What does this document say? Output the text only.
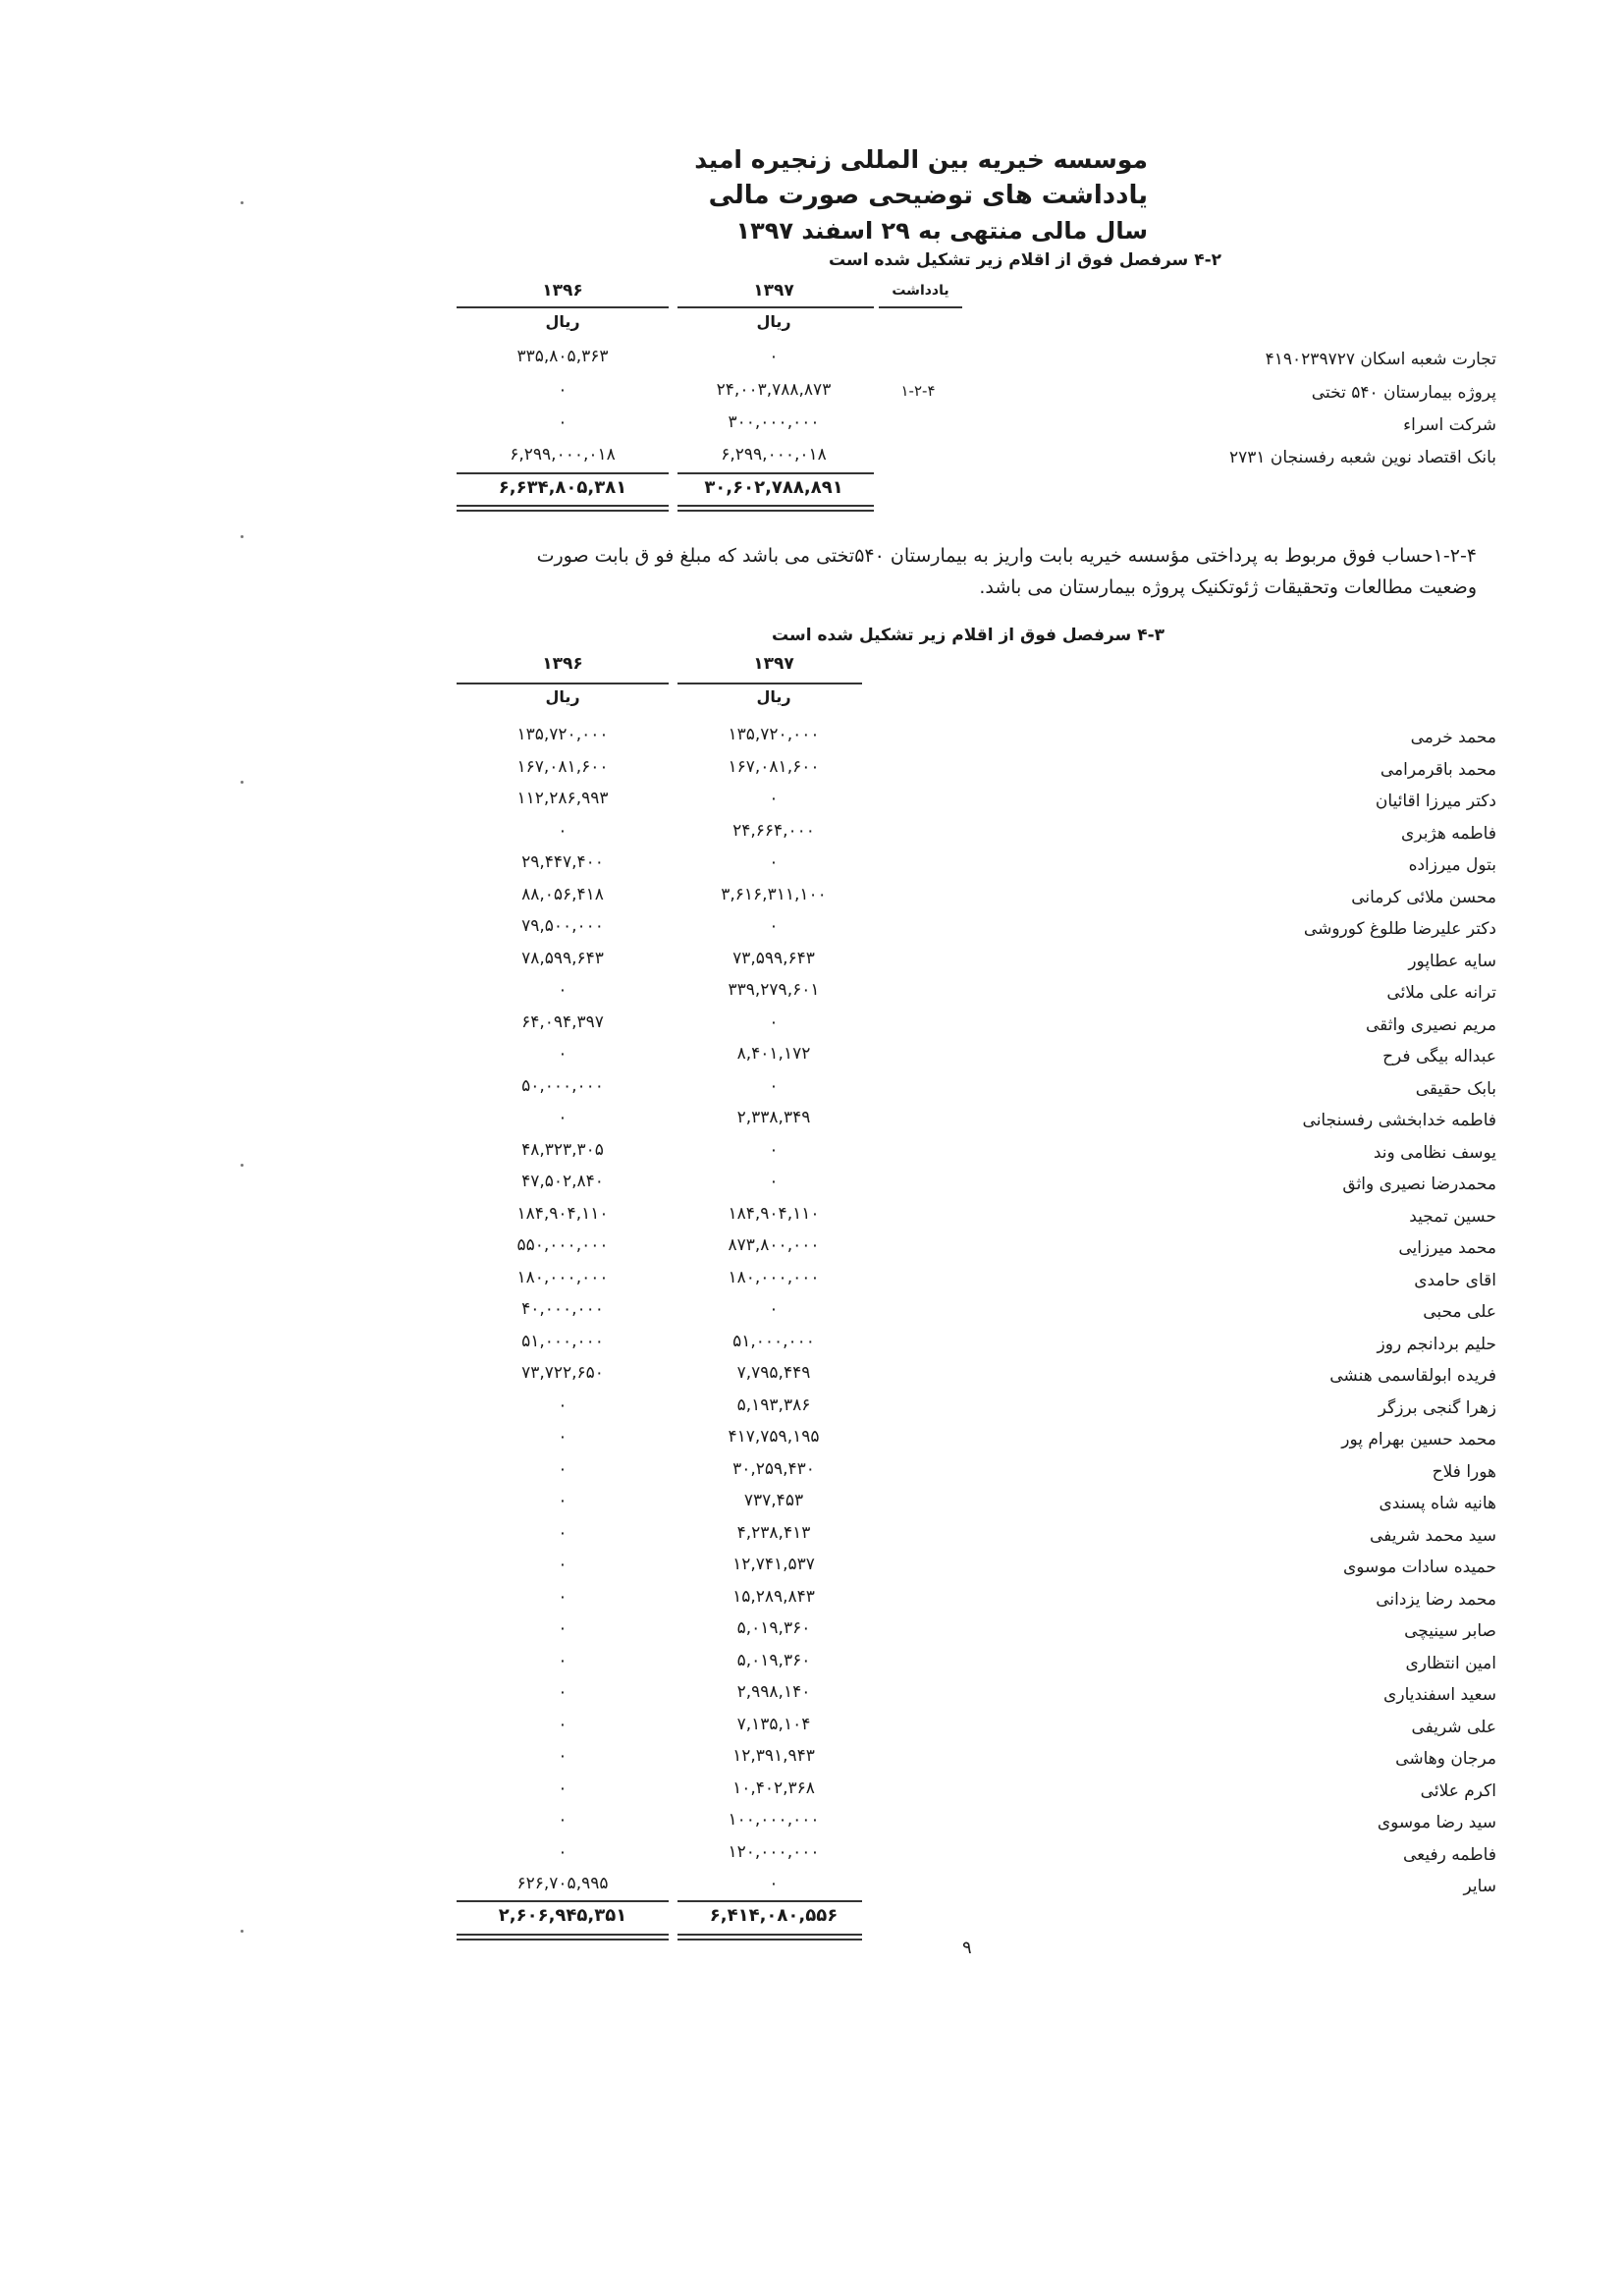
موسسه خیریه بین المللی زنجیره امید
یادداشت های توضیحی صورت مالی
سال مالی منتهی به ۲۹ اسفند ۱۳۹۷
۴-۲ سرفصل فوق از اقلام زیر تشکیل شده است
یادداشت
۱۳۹۷
۱۳۹۶
ریال
ریال
تجارت شعبه اسکان ۴۱۹۰۲۳۹۷۲۷
۰
۳۳۵,۸۰۵,۳۶۳
پروژه بیمارستان ۵۴۰ تختی
۱-۲-۴
۲۴,۰۰۳,۷۸۸,۸۷۳
۰
شرکت اسراء
۳۰۰,۰۰۰,۰۰۰
۰
بانک اقتصاد نوین شعبه رفسنجان ۲۷۳۱
۶,۲۹۹,۰۰۰,۰۱۸
۶,۲۹۹,۰۰۰,۰۱۸
۳۰,۶۰۲,۷۸۸,۸۹۱
۶,۶۳۴,۸۰۵,۳۸۱
۱-۲-۴حساب فوق مربوط به پرداختی مؤسسه خیریه بابت واریز به بیمارستان ۵۴۰تختی می باشد که مبلغ فو ق بابت صورت
وضعیت مطالعات وتحقیقات ژئوتکنیک پروژه بیمارستان می باشد.
۴-۳ سرفصل فوق از اقلام زیر تشکیل شده است
۱۳۹۷
۱۳۹۶
ریال
ریال
محمد خرمی
۱۳۵,۷۲۰,۰۰۰
۱۳۵,۷۲۰,۰۰۰
محمد باقرمرامی
۱۶۷,۰۸۱,۶۰۰
۱۶۷,۰۸۱,۶۰۰
دکتر میرزا اقائیان
۰
۱۱۲,۲۸۶,۹۹۳
فاطمه هژبری
۲۴,۶۶۴,۰۰۰
۰
بتول میرزاده
۰
۲۹,۴۴۷,۴۰۰
محسن ملائی کرمانی
۳,۶۱۶,۳۱۱,۱۰۰
۸۸,۰۵۶,۴۱۸
دکتر علیرضا طلوغ کوروشی
۰
۷۹,۵۰۰,۰۰۰
سایه عطاپور
۷۳,۵۹۹,۶۴۳
۷۸,۵۹۹,۶۴۳
ترانه علی ملائی
۳۳۹,۲۷۹,۶۰۱
۰
مریم نصیری واثقی
۰
۶۴,۰۹۴,۳۹۷
عبداله بیگی فرح
۸,۴۰۱,۱۷۲
۰
بابک حقیقی
۰
۵۰,۰۰۰,۰۰۰
فاطمه خدابخشی رفسنجانی
۲,۳۳۸,۳۴۹
۰
یوسف نظامی وند
۰
۴۸,۳۲۳,۳۰۵
محمدرضا نصیری واثق
۰
۴۷,۵۰۲,۸۴۰
حسین تمجید
۱۸۴,۹۰۴,۱۱۰
۱۸۴,۹۰۴,۱۱۰
محمد میرزایی
۸۷۳,۸۰۰,۰۰۰
۵۵۰,۰۰۰,۰۰۰
اقای حامدی
۱۸۰,۰۰۰,۰۰۰
۱۸۰,۰۰۰,۰۰۰
علی محبی
۰
۴۰,۰۰۰,۰۰۰
حلیم بردانجم روز
۵۱,۰۰۰,۰۰۰
۵۱,۰۰۰,۰۰۰
فریده ابولقاسمی هنشی
۷,۷۹۵,۴۴۹
۷۳,۷۲۲,۶۵۰
زهرا گنجی برزگر
۵,۱۹۳,۳۸۶
۰
محمد حسین بهرام پور
۴۱۷,۷۵۹,۱۹۵
۰
هورا فلاح
۳۰,۲۵۹,۴۳۰
۰
هانیه شاه پسندی
۷۳۷,۴۵۳
۰
سید محمد شریفی
۴,۲۳۸,۴۱۳
۰
حمیده سادات موسوی
۱۲,۷۴۱,۵۳۷
۰
محمد رضا یزدانی
۱۵,۲۸۹,۸۴۳
۰
صابر سینیچی
۵,۰۱۹,۳۶۰
۰
امین انتظاری
۵,۰۱۹,۳۶۰
۰
سعید اسفندیاری
۲,۹۹۸,۱۴۰
۰
علی شریفی
۷,۱۳۵,۱۰۴
۰
مرجان وهاشی
۱۲,۳۹۱,۹۴۳
۰
اکرم علائی
۱۰,۴۰۲,۳۶۸
۰
سید رضا موسوی
۱۰۰,۰۰۰,۰۰۰
۰
فاطمه رفیعی
۱۲۰,۰۰۰,۰۰۰
۰
سایر
۰
۶۲۶,۷۰۵,۹۹۵
۶,۴۱۴,۰۸۰,۵۵۶
۲,۶۰۶,۹۴۵,۳۵۱
۹
